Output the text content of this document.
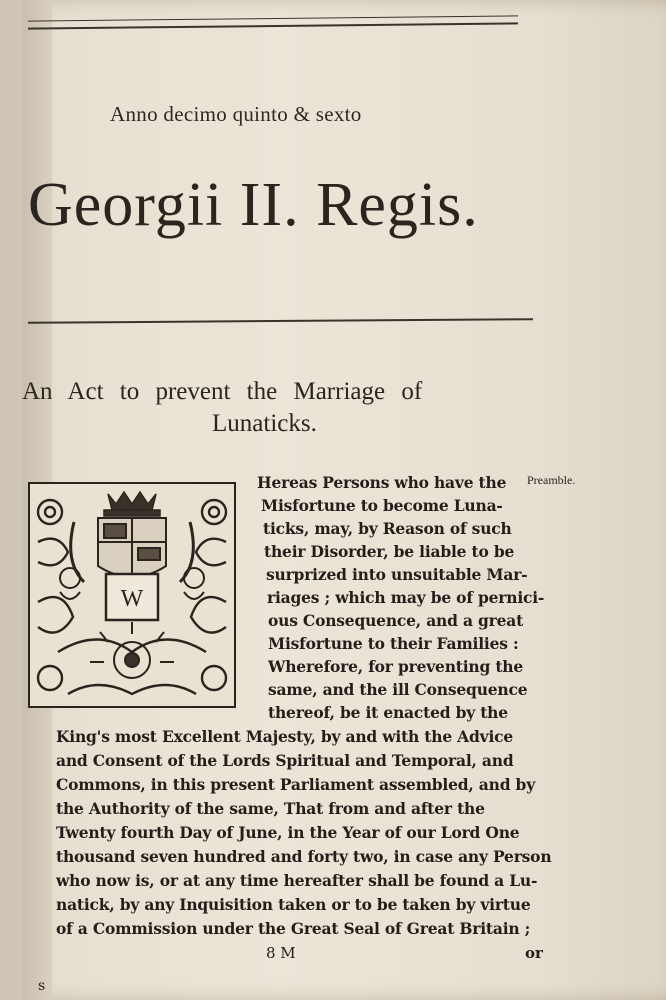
Anno decimo quinto & sexto
Georgii II. Regis.
An Act to prevent the Marriage of
Lunaticks.
Preamble.
W
Hereas Persons who have the
Misfortune to become Luna-
ticks, may, by Reason of such
their Disorder, be liable to be
surprized into unsuitable Mar-
riages ; which may be of pernici-
ous Consequence, and a great
Misfortune to their Families :
Wherefore, for preventing the
same, and the ill Consequence
thereof, be it enacted by the
King's most Excellent Majesty, by and with the Advice
and Consent of the Lords Spiritual and Temporal, and
Commons, in this present Parliament assembled, and by
the Authority of the same, That from and after the
Twenty fourth Day of June, in the Year of our Lord One
thousand seven hundred and forty two, in case any Person
who now is, or at any time hereafter shall be found a Lu-
natick, by any Inquisition taken or to be taken by virtue
of a Commission under the Great Seal of Great Britain ;
8 M	or
s
